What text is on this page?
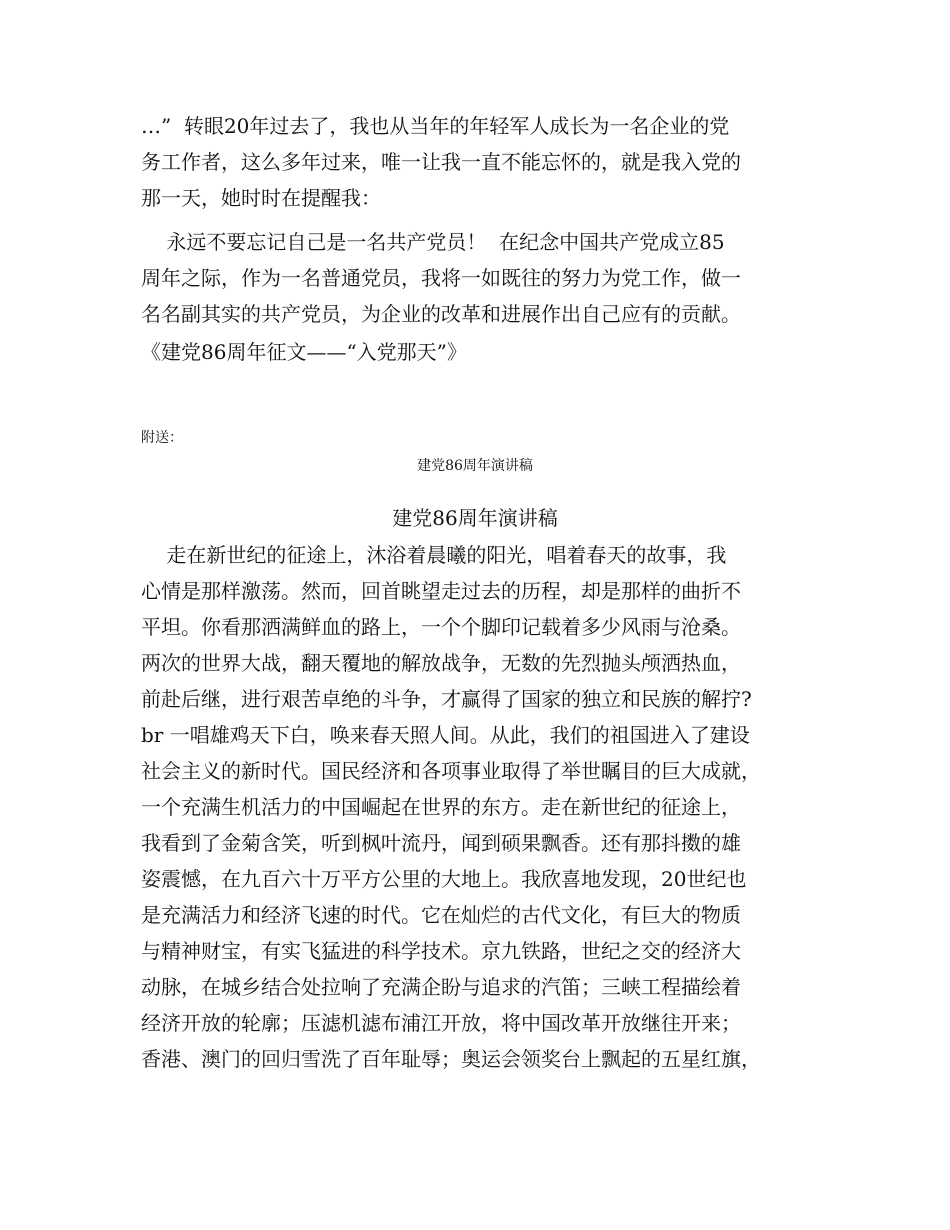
…”  转眼20年过去了，我也从当年的年轻军人成长为一名企业的党
务工作者，这么多年过来，唯一让我一直不能忘怀的，就是我入党的
那一天，她时时在提醒我：
永远不要忘记自己是一名共产党员！  在纪念中国共产党成立85
周年之际，作为一名普通党员，我将一如既往的努力为党工作，做一
名名副其实的共产党员，为企业的改革和进展作出自己应有的贡献。
《建党86周年征文——“入党那天”》
附送：
建党86周年演讲稿
建党86周年演讲稿
走在新世纪的征途上，沐浴着晨曦的阳光，唱着春天的故事，我
心情是那样激荡。然而，回首眺望走过去的历程，却是那样的曲折不
平坦。你看那洒满鲜血的路上，一个个脚印记载着多少风雨与沧桑。
两次的世界大战，翻天覆地的解放战争，无数的先烈抛头颅洒热血，
前赴后继，进行艰苦卓绝的斗争，才赢得了国家的独立和民族的解拧?
br 一唱雄鸡天下白，唤来春天照人间。从此，我们的祖国进入了建设
社会主义的新时代。国民经济和各项事业取得了举世瞩目的巨大成就，
一个充满生机活力的中国崛起在世界的东方。走在新世纪的征途上，
我看到了金菊含笑，听到枫叶流丹，闻到硕果飘香。还有那抖擞的雄
姿震憾，在九百六十万平方公里的大地上。我欣喜地发现，20世纪也
是充满活力和经济飞速的时代。它在灿烂的古代文化，有巨大的物质
与精神财宝，有实飞猛进的科学技术。京九铁路，世纪之交的经济大
动脉，在城乡结合处拉响了充满企盼与追求的汽笛；三峡工程描绘着
经济开放的轮廓；压滤机滤布浦江开放，将中国改革开放继往开来；
香港、澳门的回归雪洗了百年耻辱；奥运会领奖台上飘起的五星红旗，
